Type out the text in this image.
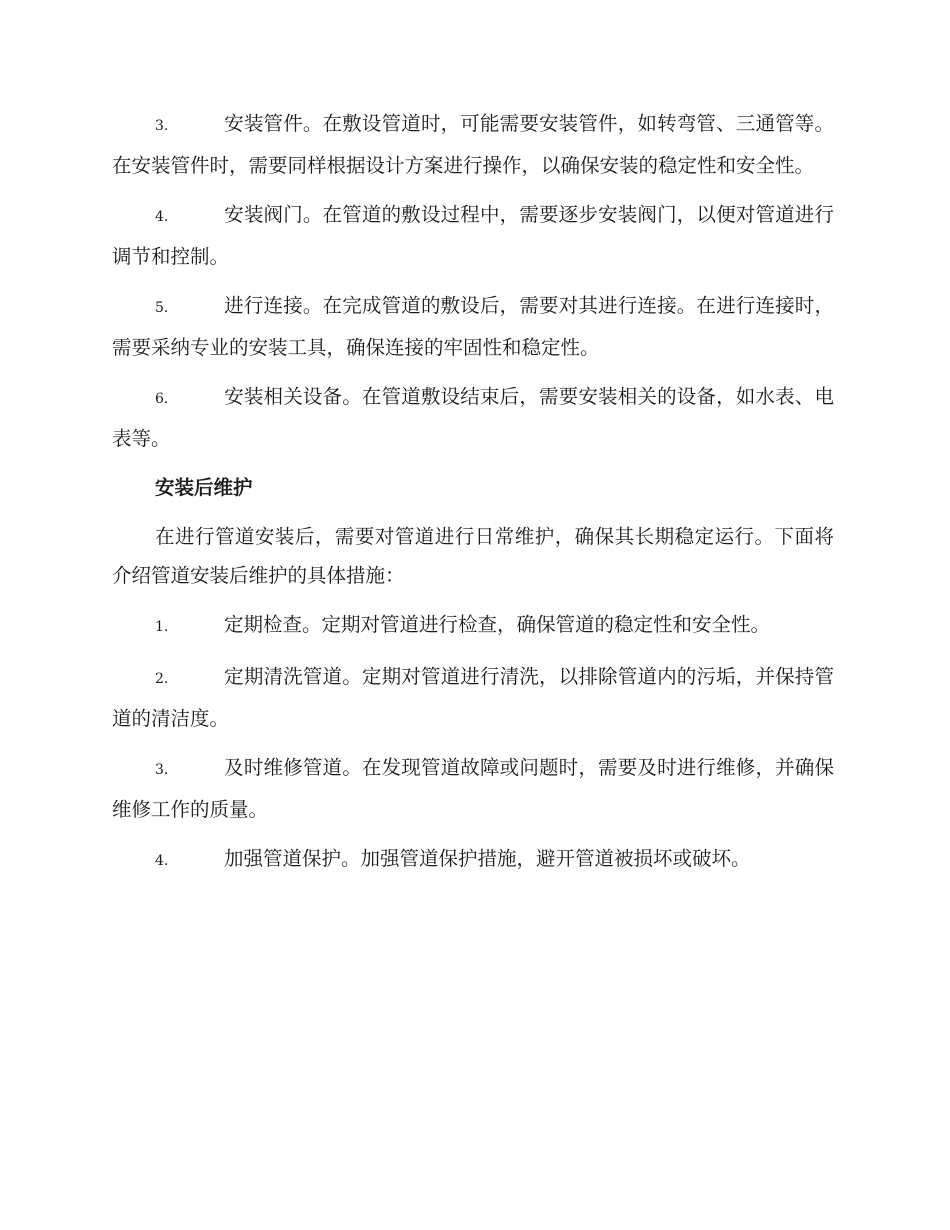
3.	安装管件。在敷设管道时，可能需要安装管件，如转弯管、三通管等。在安装管件时，需要同样根据设计方案进行操作，以确保安装的稳定性和安全性。

4.	安装阀门。在管道的敷设过程中，需要逐步安装阀门，以便对管道进行调节和控制。

5.	进行连接。在完成管道的敷设后，需要对其进行连接。在进行连接时，需要采纳专业的安装工具，确保连接的牢固性和稳定性。

6.	安装相关设备。在管道敷设结束后，需要安装相关的设备，如水表、电表等。

安装后维护

在进行管道安装后，需要对管道进行日常维护，确保其长期稳定运行。下面将介绍管道安装后维护的具体措施：

1.	定期检查。定期对管道进行检查，确保管道的稳定性和安全性。

2.	定期清洗管道。定期对管道进行清洗，以排除管道内的污垢，并保持管道的清洁度。

3.	及时维修管道。在发现管道故障或问题时，需要及时进行维修，并确保维修工作的质量。

4.	加强管道保护。加强管道保护措施，避开管道被损坏或破坏。
